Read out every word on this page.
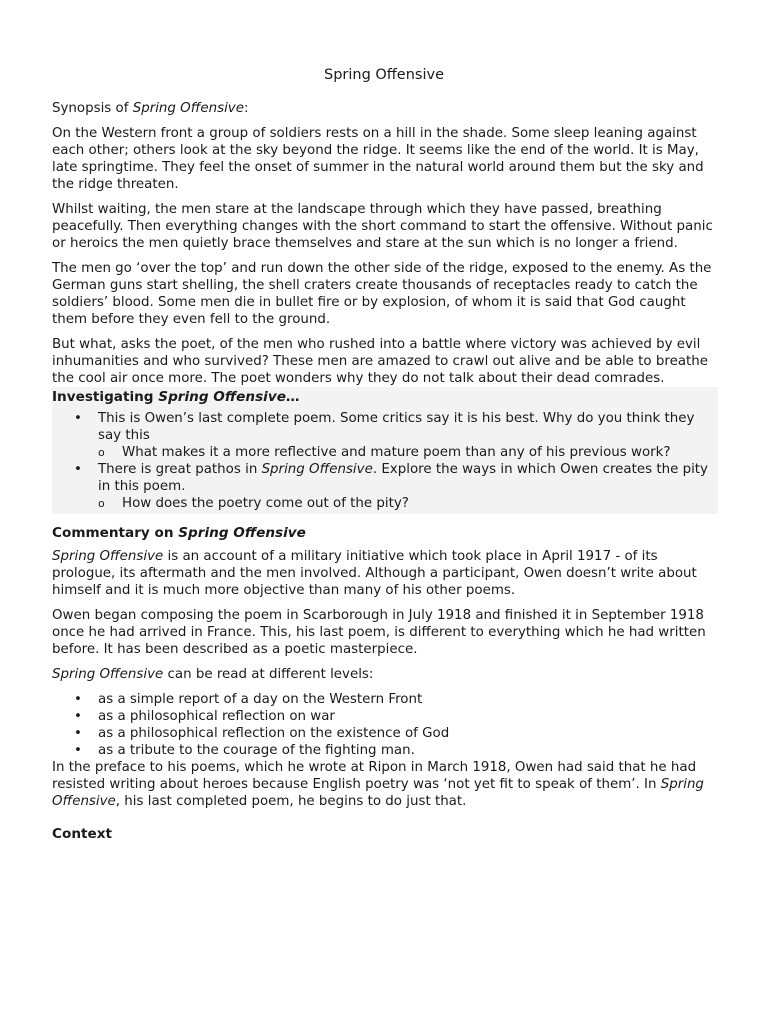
Spring Offensive

Synopsis of Spring Offensive:

On the Western front a group of soldiers rests on a hill in the shade. Some sleep leaning against each other; others look at the sky beyond the ridge. It seems like the end of the world. It is May, late springtime. They feel the onset of summer in the natural world around them but the sky and the ridge threaten.

Whilst waiting, the men stare at the landscape through which they have passed, breathing peacefully. Then everything changes with the short command to start the offensive. Without panic or heroics the men quietly brace themselves and stare at the sun which is no longer a friend.

The men go ‘over the top’ and run down the other side of the ridge, exposed to the enemy. As the German guns start shelling, the shell craters create thousands of receptacles ready to catch the soldiers’ blood. Some men die in bullet fire or by explosion, of whom it is said that God caught them before they even fell to the ground.

But what, asks the poet, of the men who rushed into a battle where victory was achieved by evil inhumanities and who survived? These men are amazed to crawl out alive and be able to breathe the cool air once more. The poet wonders why they do not talk about their dead comrades.

Investigating Spring Offensive…
•	This is Owen’s last complete poem. Some critics say it is his best. Why do you think they say this
o What makes it a more reflective and mature poem than any of his previous work?
•	There is great pathos in Spring Offensive. Explore the ways in which Owen creates the pity in this poem.
o How does the poetry come out of the pity?
Commentary on Spring Offensive

Spring Offensive is an account of a military initiative which took place in April 1917 - of its prologue, its aftermath and the men involved. Although a participant, Owen doesn’t write about himself and it is much more objective than many of his other poems.

Owen began composing the poem in Scarborough in July 1918 and finished it in September 1918 once he had arrived in France. This, his last poem, is different to everything which he had written before. It has been described as a poetic masterpiece.

Spring Offensive can be read at different levels:

•	as a simple report of a day on the Western Front
•	as a philosophical reflection on war
•	as a philosophical reflection on the existence of God
•	as a tribute to the courage of the fighting man.

In the preface to his poems, which he wrote at Ripon in March 1918, Owen had said that he had resisted writing about heroes because English poetry was ‘not yet fit to speak of them’. In Spring Offensive, his last completed poem, he begins to do just that.

Context
